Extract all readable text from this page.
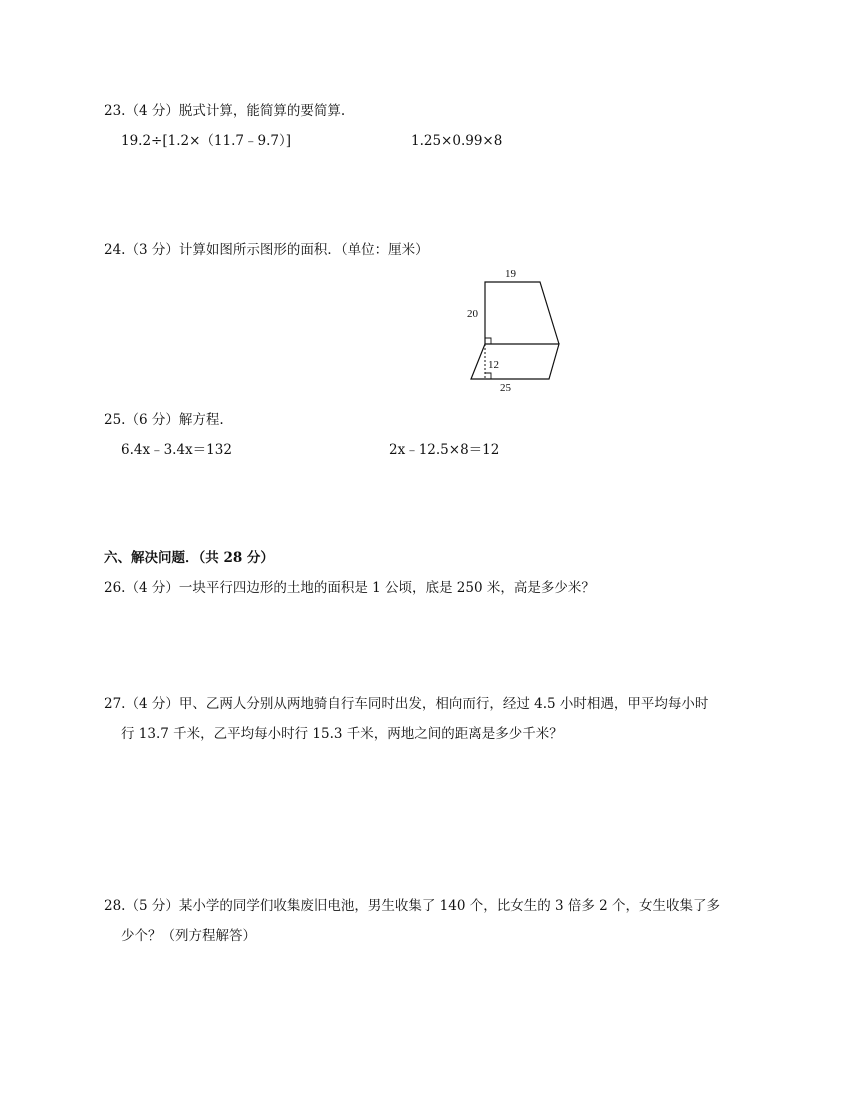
23.（4 分）脱式计算，能简算的要简算.
19.2÷[1.2×（11.7﹣9.7）]	1.25×0.99×8
24.（3 分）计算如图所示图形的面积．（单位：厘米）
19
20
12
25
25.（6 分）解方程.
6.4x﹣3.4x＝132	2x﹣12.5×8＝12
六、解决问题．（共 28 分）
26.（4 分）一块平行四边形的土地的面积是 1 公顷，底是 250 米，高是多少米？
27.（4 分）甲、乙两人分别从两地骑自行车同时出发，相向而行，经过 4.5 小时相遇，甲平均每小时
行 13.7 千米，乙平均每小时行 15.3 千米，两地之间的距离是多少千米？
28.（5 分）某小学的同学们收集废旧电池，男生收集了 140 个，比女生的 3 倍多 2 个，女生收集了多
少个？（列方程解答）
